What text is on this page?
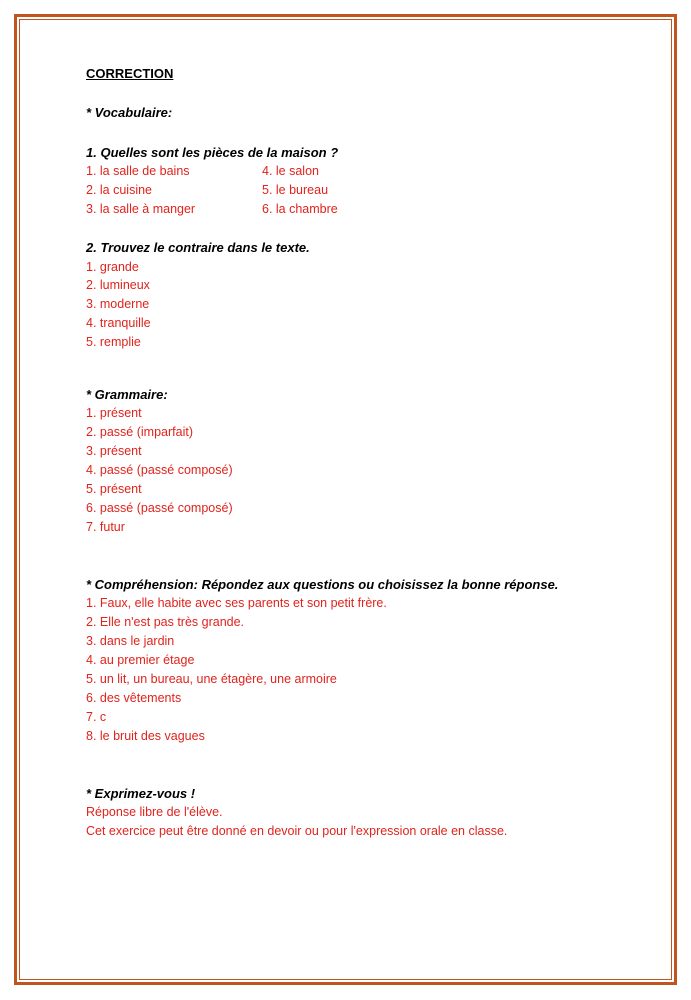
CORRECTION
* Vocabulaire:
1. Quelles sont les pièces de la maison ?
1. la salle de bains
2. la cuisine
3. la salle à manger
4. le salon
5. le bureau
6. la chambre
2. Trouvez le contraire dans le texte.
1. grande
2. lumineux
3. moderne
4. tranquille
5. remplie
* Grammaire:
1. présent
2. passé (imparfait)
3. présent
4. passé (passé composé)
5. présent
6. passé (passé composé)
7. futur
* Compréhension: Répondez aux questions ou choisissez la bonne réponse.
1. Faux, elle habite avec ses parents et son petit frère.
2. Elle n'est pas très grande.
3. dans le jardin
4. au premier étage
5. un lit, un bureau, une étagère, une armoire
6. des vêtements
7. c
8. le bruit des vagues
* Exprimez-vous !
Réponse libre de l'élève.
Cet exercice peut être donné en devoir ou pour l'expression orale en classe.
